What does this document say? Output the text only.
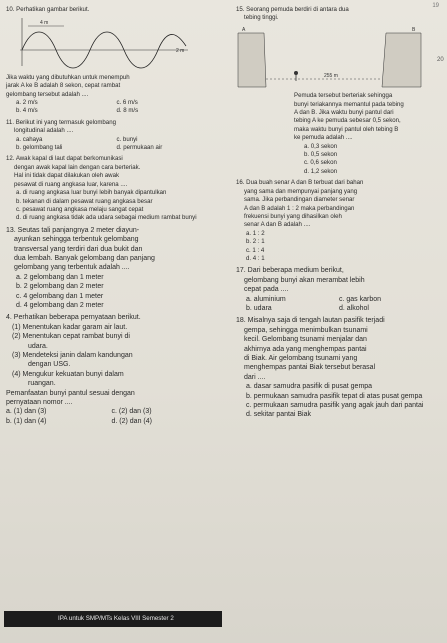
19
20

10. Perhatikan gambar berikut.

4 m
2 m

Jika waktu yang dibutuhkan untuk menempuh

jarak A ke B adalah 8 sekon, cepat rambat

gelombang tersebut adalah ....

a. 2 m/s	c. 6 m/s
b. 4 m/s	d. 8 m/s

11. Berikut ini yang termasuk gelombang

longitudinal adalah ....

a. cahaya	c. bunyi
b. gelombang tali	d. permukaan air

12. Awak kapal di laut dapat berkomunikasi

dengan awak kapal lain dengan cara berteriak.

Hal ini tidak dapat dilakukan oleh awak

pesawat di ruang angkasa luar, karena ....

a. di ruang angkasa luar bunyi lebih banyak dipantulkan

b. tekanan di dalam pesawat ruang angkasa besar

c. pesawat ruang angkasa melaju sangat cepat

d. di ruang angkasa tidak ada udara sebagai medium rambat bunyi

13. Seutas tali panjangnya 2 meter diayun-

ayunkan sehingga terbentuk gelombang

transversal yang terdiri dari dua bukit dan

dua lembah. Banyak gelombang dan panjang

gelombang yang terbentuk adalah ....

a. 2 gelombang dan 1 meter

b. 2 gelombang dan 2 meter

c. 4 gelombang dan 1 meter

d. 4 gelombang dan 2 meter

4. Perhatikan beberapa pernyataan berikut.

(1) Menentukan kadar garam air laut.

(2) Menentukan cepat rambat bunyi di

udara.

(3) Mendeteksi janin dalam kandungan

dengan USG.

(4) Mengukur kekuatan bunyi dalam

ruangan.

Pemanfaatan bunyi pantul sesuai dengan

pernyataan nomor ....

a. (1) dan (3)	c. (2) dan (3)
b. (1) dan (4)	d. (2) dan (4)

15. Seorang pemuda berdiri di antara dua

tebing tinggi.

255 m
A	B

Pemuda tersebut berteriak sehingga

bunyi teriakannya memantul pada tebing

A dan B. Jika waktu bunyi pantul dari

tebing A ke pemuda sebesar 0,5 sekon,

maka waktu bunyi pantul oleh tebing B

ke pemuda adalah ....

a. 0,3 sekon

b. 0,5 sekon

c. 0,6 sekon

d. 1,2 sekon

16. Dua buah senar A dan B terbuat dari bahan

yang sama dan mempunyai panjang yang

sama. Jika perbandingan diameter senar

A dan B adalah 1 : 2 maka perbandingan

frekuensi bunyi yang dihasilkan oleh

senar A dan B adalah ....

a. 1 : 2

b. 2 : 1

c. 1 : 4

d. 4 : 1

17. Dari beberapa medium berikut,

gelombang bunyi akan merambat lebih

cepat pada ....

a. aluminium	c. gas karbon
b. udara	d. alkohol

18. Misalnya saja di tengah lautan pasifik terjadi

gempa, sehingga menimbulkan tsunami

kecil. Gelombang tsunami menjalar dan

akhirnya ada yang menghempas pantai

di Biak. Air gelombang tsunami yang

menghempas pantai Biak tersebut berasal

dari ....

a. dasar samudra pasifik di pusat gempa

b. permukaan samudra pasifik tepat di atas pusat gempa

c. permukaan samudra pasifik yang agak jauh dari pantai

d. sekitar pantai Biak

IPA untuk SMP/MTs Kelas VIII Semester 2
